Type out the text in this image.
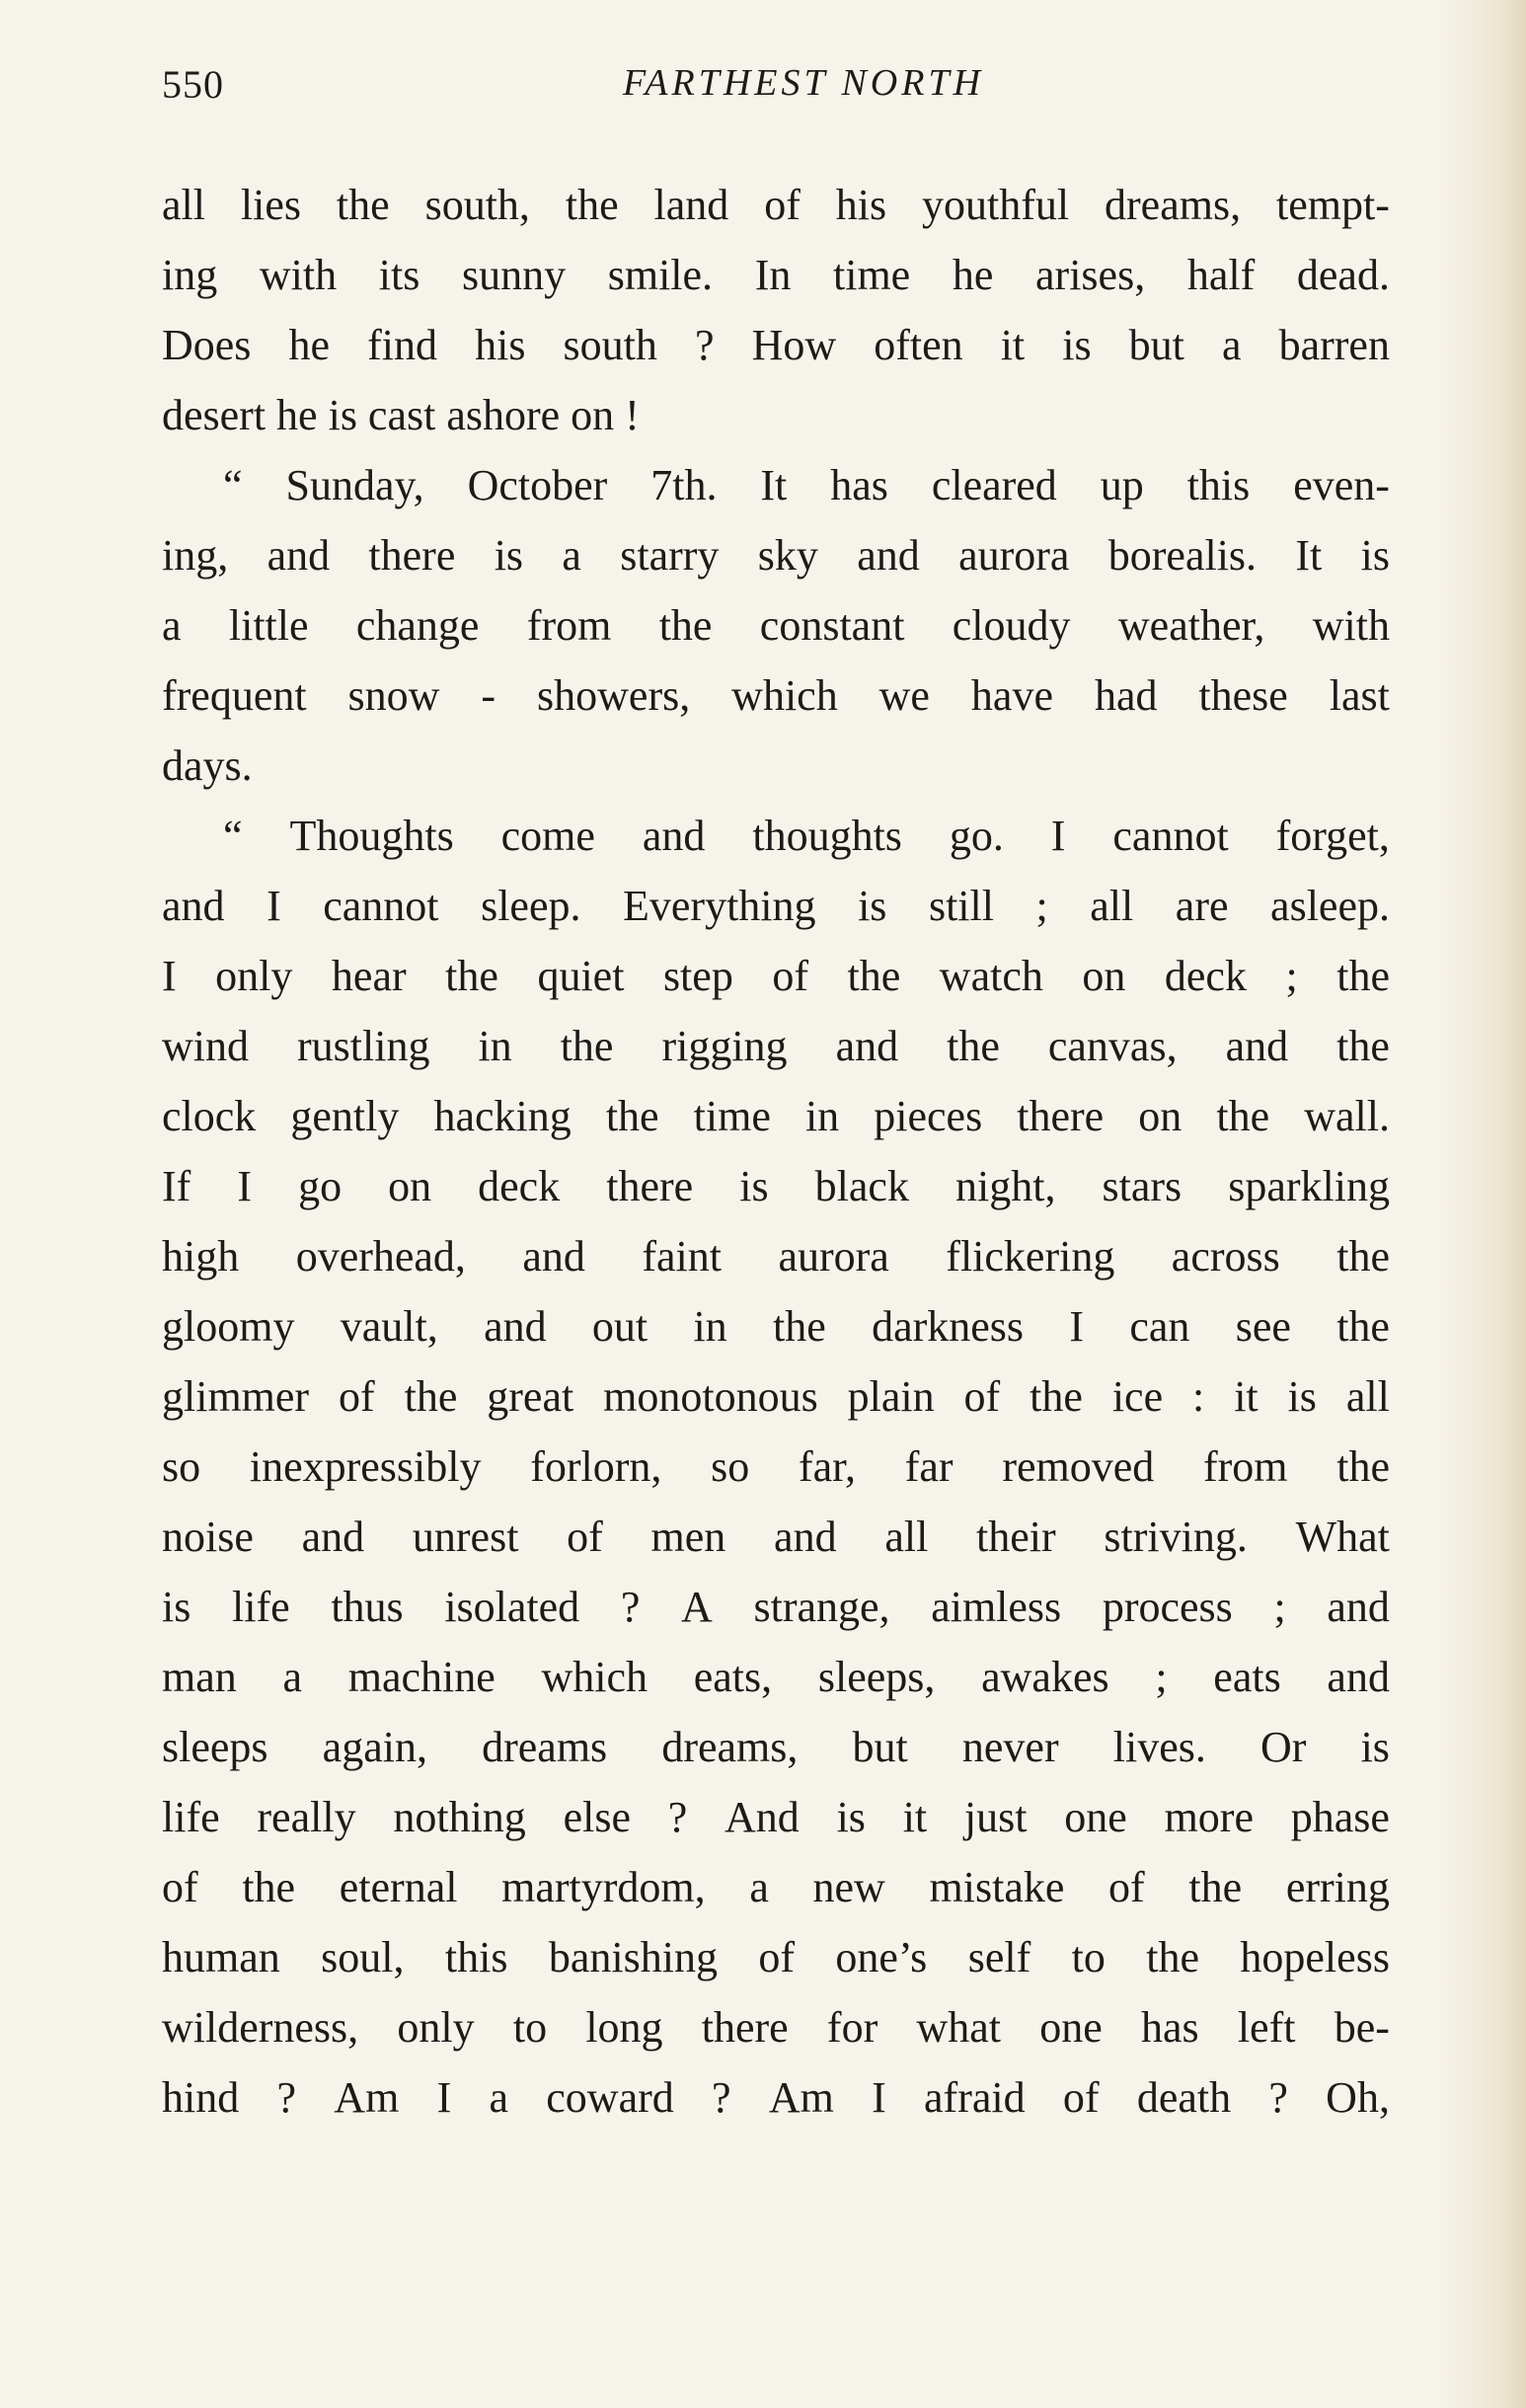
550	FARTHEST NORTH
all lies the south, the land of his youthful dreams, tempt-
ing with its sunny smile. In time he arises, half dead.
Does he find his south ? How often it is but a barren
desert he is cast ashore on !
“ Sunday, October 7th. It has cleared up this even-
ing, and there is a starry sky and aurora borealis. It is
a little change from the constant cloudy weather, with
frequent snow - showers, which we have had these last
days.
“ Thoughts come and thoughts go. I cannot forget,
and I cannot sleep. Everything is still ; all are asleep.
I only hear the quiet step of the watch on deck ; the
wind rustling in the rigging and the canvas, and the
clock gently hacking the time in pieces there on the wall.
If I go on deck there is black night, stars sparkling
high overhead, and faint aurora flickering across the
gloomy vault, and out in the darkness I can see the
glimmer of the great monotonous plain of the ice : it is all
so inexpressibly forlorn, so far, far removed from the
noise and unrest of men and all their striving. What
is life thus isolated ? A strange, aimless process ; and
man a machine which eats, sleeps, awakes ; eats and
sleeps again, dreams dreams, but never lives. Or is
life really nothing else ? And is it just one more phase
of the eternal martyrdom, a new mistake of the erring
human soul, this banishing of one’s self to the hopeless
wilderness, only to long there for what one has left be-
hind ? Am I a coward ? Am I afraid of death ? Oh,
